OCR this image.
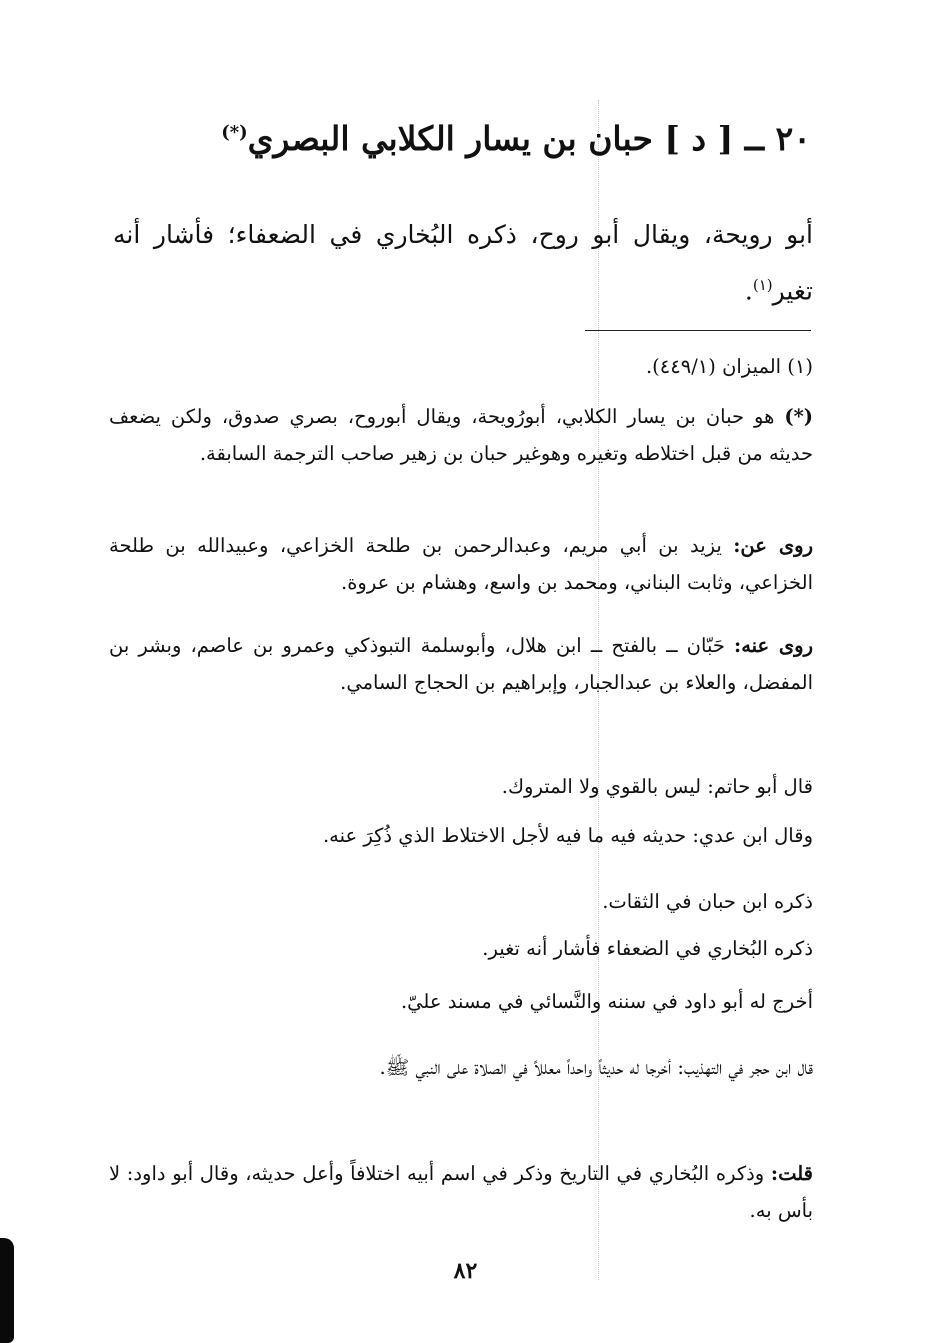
٢٠ ــ [ د ] حبان بن يسار الكلابي البصري(*)
أبو رويحة، ويقال أبو روح، ذكره البُخاري في الضعفاء؛ فأشار أنه تغير$^{(١)}$.
(١) الميزان (٤٤٩/١).
(*) هو حبان بن يسار الكلابي، أبورُويحة، ويقال أبوروح، بصري صدوق، ولكن يضعف حديثه من قبل اختلاطه وتغيره وهوغير حبان بن زهير صاحب الترجمة السابقة.
روى عن: يزيد بن أبي مريم، وعبدالرحمن بن طلحة الخزاعي، وعبيدالله بن طلحة الخزاعي، وثابت البناني، ومحمد بن واسع، وهشام بن عروة.
روى عنه: حَبّان ــ بالفتح ــ ابن هلال، وأبوسلمة التبوذكي وعمرو بن عاصم، وبشر بن المفضل، والعلاء بن عبدالجبار، وإبراهيم بن الحجاج السامي.
قال أبو حاتم: ليس بالقوي ولا المتروك.
وقال ابن عدي: حديثه فيه ما فيه لأجل الاختلاط الذي ذُكِرَ عنه.
ذكره ابن حبان في الثقات.
ذكره البُخاري في الضعفاء فأشار أنه تغير.
أخرج له أبو داود في سننه والنَّسائي في مسند عليّ.
قال ابن حجر في التهذيب: أخرجا له حديثاً واحداً معللاً في الصلاة على النبي ﷺ.
قلت: وذكره البُخاري في التاريخ وذكر في اسم أبيه اختلافاً وأعل حديثه، وقال أبو داود: لا بأس به.
٨٢
